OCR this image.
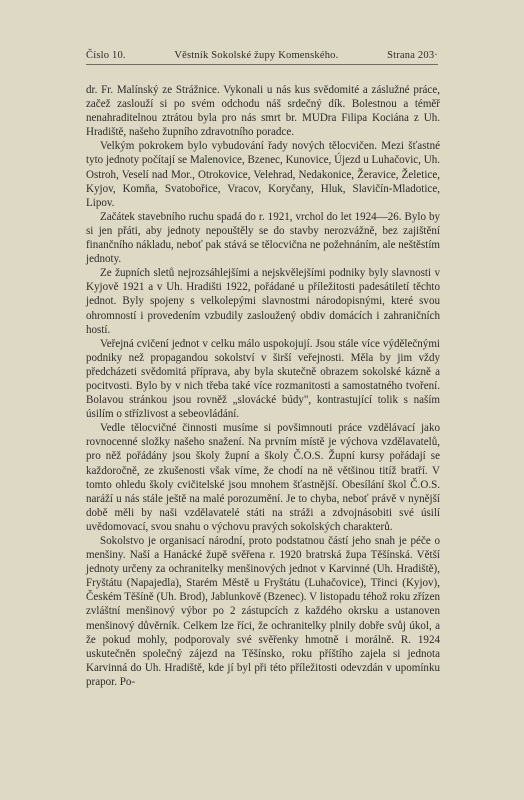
Číslo 10.	Věstník Sokolské župy Komenského.	Strana 203·

dr. Fr. Malínský ze Strážnice. Vykonali u nás kus svědomité a záslužné práce, začež zaslouží si po svém odchodu náš srdečný dík. Bolestnou a téměř nenahraditelnou ztrátou byla pro nás smrt br. MUDra Filipa Kociána z Uh. Hradiště, našeho župního zdravotního poradce.

Velkým pokrokem bylo vybudování řady nových tělocvičen. Mezi šťastné tyto jednoty počítají se Malenovice, Bzenec, Kunovice, Újezd u Luhačovic, Uh. Ostroh, Veselí nad Mor., Otrokovice, Velehrad, Nedakonice, Žeravice, Želetice, Kyjov, Komňa, Svatobořice, Vracov, Koryčany, Hluk, Slavičín-Mladotice, Lipov.

Začátek stavebního ruchu spadá do r. 1921, vrchol do let 1924—26. Bylo by si jen přáti, aby jednoty nepouštěly se do stavby nerozvážně, bez zajištění finančního nákladu, neboť pak stává se tělocvična ne požehnáním, ale neštěstím jednoty.

Ze župních sletů nejrozsáhlejšími a nejskvělejšími podniky byly slavnosti v Kyjově 1921 a v Uh. Hradišti 1922, pořádané u příležitosti padesátiletí těchto jednot. Byly spojeny s velkolepými slavnostmi národopisnými, které svou ohromností i provedením vzbudily zasloužený obdiv domácích i zahraničních hostí.

Veřejná cvičení jednot v celku málo uspokojují. Jsou stále více výdělečnými podniky než propagandou sokolství v širší veřejnosti. Měla by jim vždy předcházeti svědomitá příprava, aby byla skutečně obrazem sokolské kázně a pocitvosti. Bylo by v nich třeba také více rozmanitosti a samostatného tvoření. Bolavou stránkou jsou rovněž „slovácké búdy", kontrastující tolik s naším úsilím o střízlivost a sebeovládání.

Vedle tělocvičné činnosti musíme si povšimnouti práce vzdělávací jako rovnocenné složky našeho snažení. Na prvním místě je výchova vzdělavatelů, pro něž pořádány jsou školy župní a školy Č.O.S. Župní kursy pořádají se každoročně, ze zkušenosti však víme, že chodí na ně většinou titíž bratří. V tomto ohledu školy cvičitelské jsou mnohem šťastnější. Obesílání škol Č.O.S. naráží u nás stále ještě na malé porozumění. Je to chyba, neboť právě v nynější době měli by naši vzdělavatelé státi na stráži a zdvojnásobiti své úsilí uvědomovací, svou snahu o výchovu pravých sokolských charakterů.

Sokolstvo je organisací národní, proto podstatnou částí jeho snah je péče o menšiny. Naší a Hanácké župě svěřena r. 1920 bratrská župa Těšínská. Větší jednoty určeny za ochranitelky menšinových jednot v Karvinné (Uh. Hradiště), Fryštátu (Napajedla), Starém Městě u Fryštátu (Luhačovice), Třinci (Kyjov), Českém Těšíně (Uh. Brod), Jablunkově (Bzenec). V listopadu téhož roku zřízen zvláštní menšinový výbor po 2 zástupcích z každého okrsku a ustanoven menšinový důvěrník. Celkem lze říci, že ochranitelky plnily dobře svůj úkol, a že pokud mohly, podporovaly své svěřenky hmotně i morálně. R. 1924 uskutečněn společný zájezd na Těšínsko, roku příštího zajela si jednota Karvinná do Uh. Hradiště, kde jí byl při této příležitosti odevzdán v upomínku prapor. Po-
